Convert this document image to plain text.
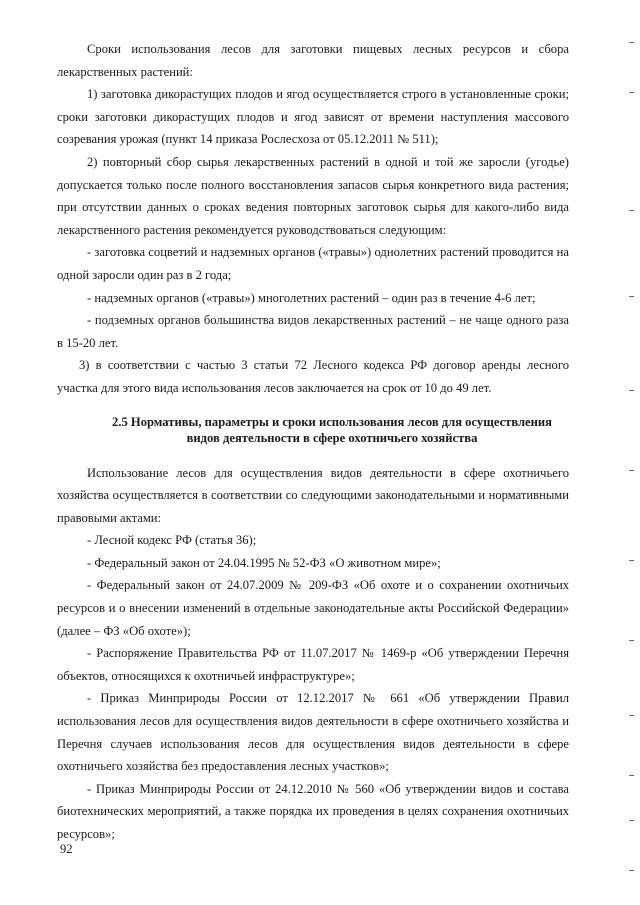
Сроки использования лесов для заготовки пищевых лесных ресурсов и сбора лекарственных растений:

1) заготовка дикорастущих плодов и ягод осуществляется строго в установленные сроки; сроки заготовки дикорастущих плодов и ягод зависят от времени наступления массового созревания урожая (пункт 14 приказа Рослесхоза от 05.12.2011 № 511);

2) повторный сбор сырья лекарственных растений в одной и той же заросли (угодье) допускается только после полного восстановления запасов сырья конкретного вида растения; при отсутствии данных о сроках ведения повторных заготовок сырья для какого-либо вида лекарственного растения рекомендуется руководствоваться следующим:

- заготовка соцветий и надземных органов («травы») однолетних растений проводится на одной заросли один раз в 2 года;

- надземных органов («травы») многолетних растений – один раз в течение 4-6 лет;

- подземных органов большинства видов лекарственных растений – не чаще одного раза в 15-20 лет.

3) в соответствии с частью 3 статьи 72 Лесного кодекса РФ договор аренды лесного участка для этого вида использования лесов заключается на срок от 10 до 49 лет.

2.5 Нормативы, параметры и сроки использования лесов для осуществления

видов деятельности в сфере охотничьего хозяйства

Использование лесов для осуществления видов деятельности в сфере охотничьего хозяйства осуществляется в соответствии со следующими законодательными и нормативными правовыми актами:

- Лесной кодекс РФ (статья 36);

- Федеральный закон от 24.04.1995 № 52-ФЗ «О животном мире»;

- Федеральный закон от 24.07.2009 № 209-ФЗ «Об охоте и о сохранении охотничьих ресурсов и о внесении изменений в отдельные законодательные акты Российской Федерации» (далее – ФЗ «Об охоте»);

- Распоряжение Правительства РФ от 11.07.2017 № 1469-р «Об утверждении Перечня объектов, относящихся к охотничьей инфраструктуре»;

- Приказ Минприроды России от 12.12.2017 № 661 «Об утверждении Правил использования лесов для осуществления видов деятельности в сфере охотничьего хозяйства и Перечня случаев использования лесов для осуществления видов деятельности в сфере охотничьего хозяйства без предоставления лесных участков»;

- Приказ Минприроды России от 24.12.2010 № 560 «Об утверждении видов и состава биотехнических мероприятий, а также порядка их проведения в целях сохранения охотничьих ресурсов»;

92
